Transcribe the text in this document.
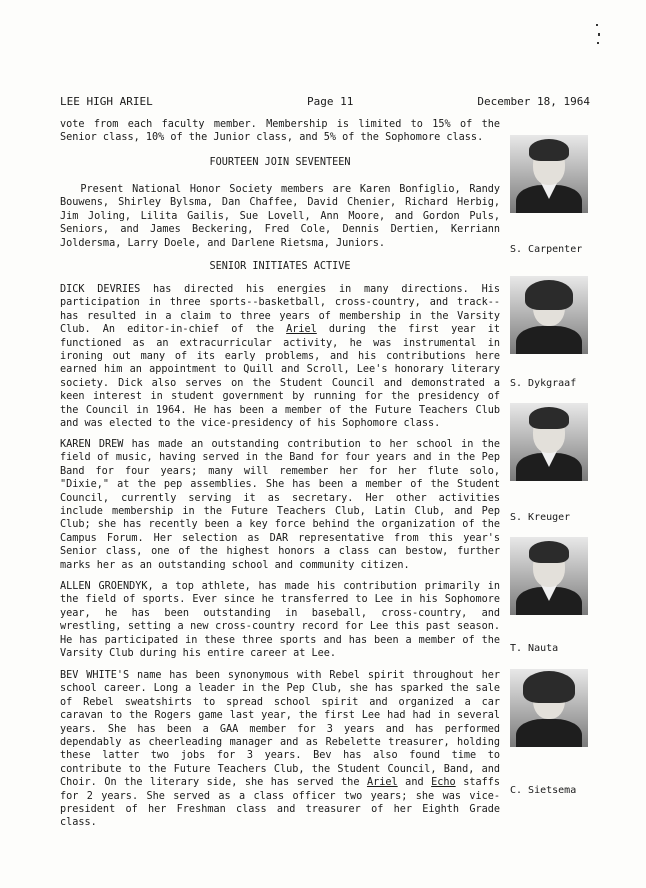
LEE HIGH ARIEL	Page 11	December 18, 1964

vote from each faculty member. Membership is limited to 15% of the Senior class, 10% of the Junior class, and 5% of the Sophomore class.

FOURTEEN JOIN SEVENTEEN

Present National Honor Society members are Karen Bonfiglio, Randy Bouwens, Shirley Bylsma, Dan Chaffee, David Chenier, Richard Herbig, Jim Joling, Lilita Gailis, Sue Lovell, Ann Moore, and Gordon Puls, Seniors, and James Beckering, Fred Cole, Dennis Dertien, Kerriann Joldersma, Larry Doele, and Darlene Rietsma, Juniors.

SENIOR INITIATES ACTIVE

DICK DEVRIES has directed his energies in many directions. His participation in three sports--basketball, cross-country, and track--has resulted in a claim to three years of membership in the Varsity Club. An editor-in-chief of the Ariel during the first year it functioned as an extracurricular activity, he was instrumental in ironing out many of its early problems, and his contributions here earned him an appointment to Quill and Scroll, Lee's honorary literary society. Dick also serves on the Student Council and demonstrated a keen interest in student government by running for the presidency of the Council in 1964. He has been a member of the Future Teachers Club and was elected to the vice-presidency of his Sophomore class.

KAREN DREW has made an outstanding contribution to her school in the field of music, having served in the Band for four years and in the Pep Band for four years; many will remember her for her flute solo, "Dixie," at the pep assemblies. She has been a member of the Student Council, currently serving it as secretary. Her other activities include membership in the Future Teachers Club, Latin Club, and Pep Club; she has recently been a key force behind the organization of the Campus Forum. Her selection as DAR representative from this year's Senior class, one of the highest honors a class can bestow, further marks her as an outstanding school and community citizen.

ALLEN GROENDYK, a top athlete, has made his contribution primarily in the field of sports. Ever since he transferred to Lee in his Sophomore year, he has been outstanding in baseball, cross-country, and wrestling, setting a new cross-country record for Lee this past season. He has participated in these three sports and has been a member of the Varsity Club during his entire career at Lee.

BEV WHITE'S name has been synonymous with Rebel spirit throughout her school career. Long a leader in the Pep Club, she has sparked the sale of Rebel sweatshirts to spread school spirit and organized a car caravan to the Rogers game last year, the first Lee had had in several years. She has been a GAA member for 3 years and has performed dependably as cheerleading manager and as Rebelette treasurer, holding these latter two jobs for 3 years. Bev has also found time to contribute to the Future Teachers Club, the Student Council, Band, and Choir. On the literary side, she has served the Ariel and Echo staffs for 2 years. She served as a class officer two years; she was vice-president of her Freshman class and treasurer of her Eighth Grade class.

S. Carpenter
S. Dykgraaf
S. Kreuger
T. Nauta
C. Sietsema
